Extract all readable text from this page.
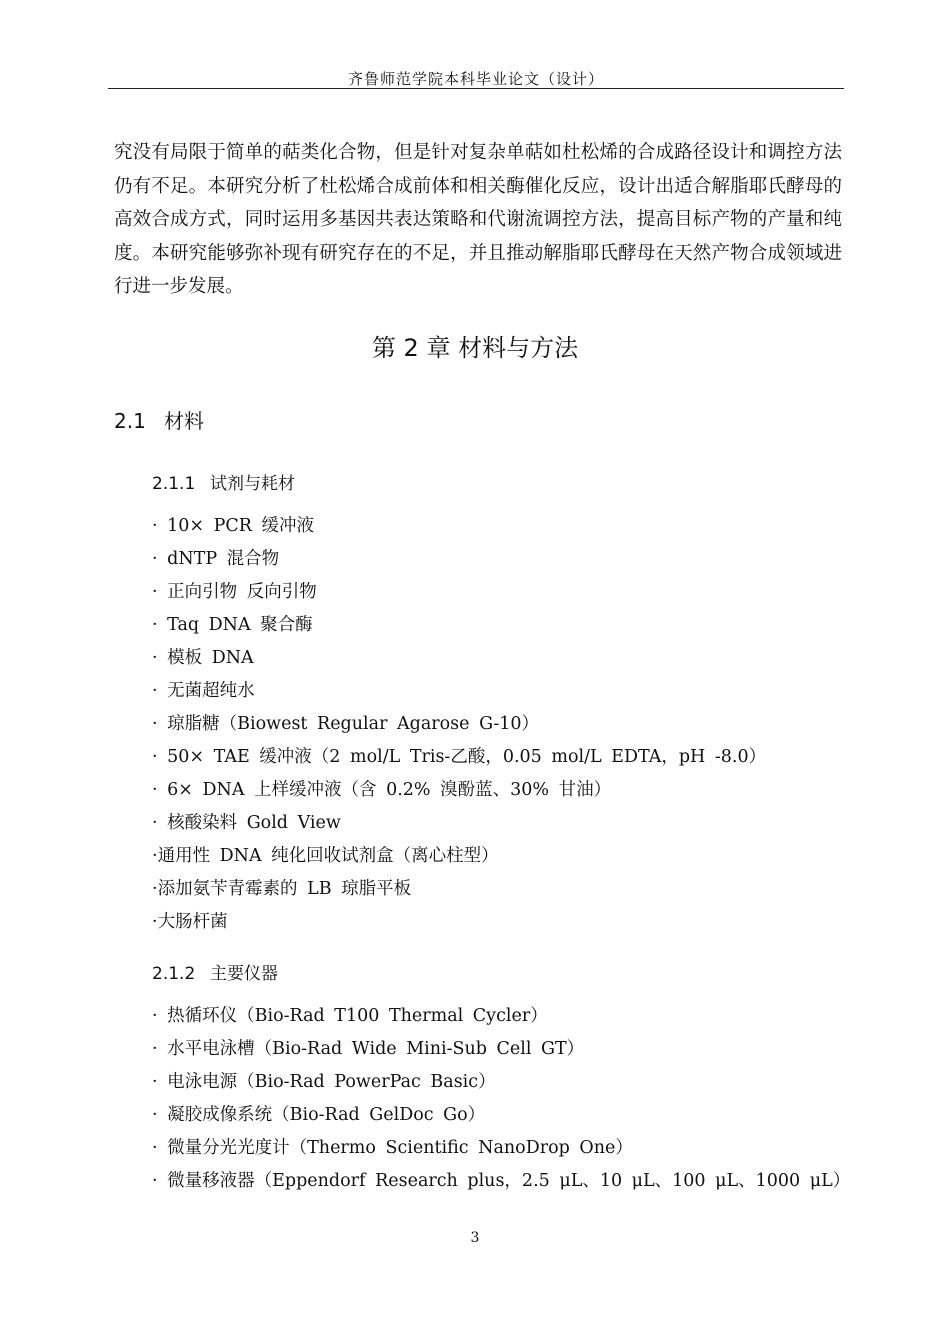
齐鲁师范学院本科毕业论文（设计）
究没有局限于简单的萜类化合物，但是针对复杂单萜如杜松烯的合成路径设计和调控方法仍有不足。本研究分析了杜松烯合成前体和相关酶催化反应，设计出适合解脂耶氏酵母的高效合成方式，同时运用多基因共表达策略和代谢流调控方法，提高目标产物的产量和纯度。本研究能够弥补现有研究存在的不足，并且推动解脂耶氏酵母在天然产物合成领域进行进一步发展。
第 2 章 材料与方法
2.1 材料
2.1.1 试剂与耗材
· 10× PCR 缓冲液
· dNTP 混合物
· 正向引物 反向引物
· Taq DNA 聚合酶
· 模板 DNA
· 无菌超纯水
· 琼脂糖（Biowest Regular Agarose G-10）
· 50× TAE 缓冲液（2 mol/L Tris-乙酸，0.05 mol/L EDTA，pH -8.0）
· 6× DNA 上样缓冲液（含 0.2% 溴酚蓝、30% 甘油）
· 核酸染料 Gold View
·通用性 DNA 纯化回收试剂盒（离心柱型）
·添加氨苄青霉素的 LB 琼脂平板
·大肠杆菌
2.1.2 主要仪器
· 热循环仪（Bio-Rad T100 Thermal Cycler）
· 水平电泳槽（Bio-Rad Wide Mini-Sub Cell GT）
· 电泳电源（Bio-Rad PowerPac Basic）
· 凝胶成像系统（Bio-Rad GelDoc Go）
· 微量分光光度计（Thermo Scientific NanoDrop One）
· 微量移液器（Eppendorf Research plus，2.5 μL、10 μL、100 μL、1000 μL）
3
